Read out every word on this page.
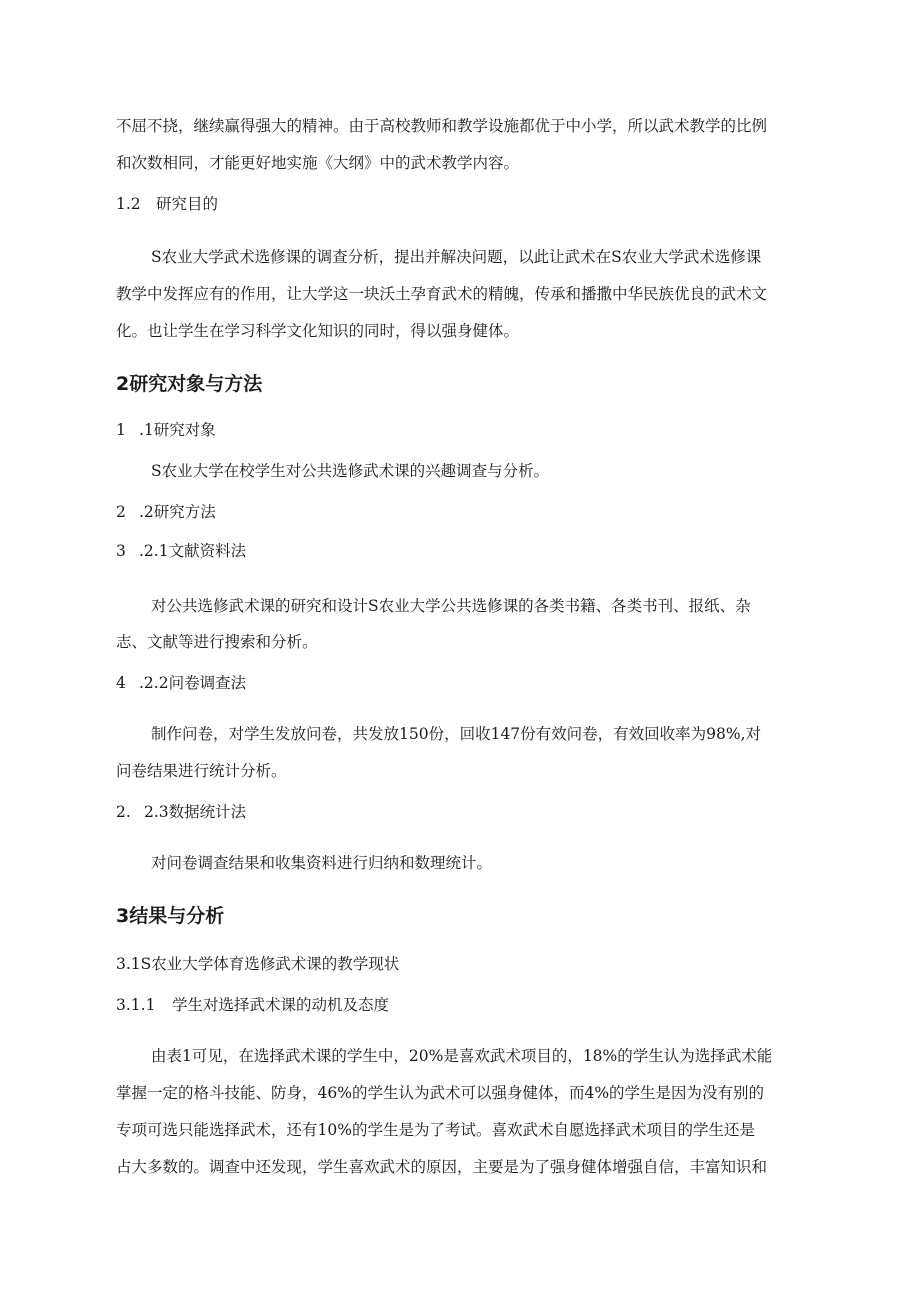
不屈不挠，继续赢得强大的精神。由于高校教师和教学设施都优于中小学，所以武术教学的比例
和次数相同，才能更好地实施《大纲》中的武术教学内容。
1.2 研究目的
S农业大学武术选修课的调查分析，提出并解决问题，以此让武术在S农业大学武术选修课
教学中发挥应有的作用，让大学这一块沃土孕育武术的精魄，传承和播撒中华民族优良的武术文
化。也让学生在学习科学文化知识的同时，得以强身健体。
2研究对象与方法
1 .1研究对象
S农业大学在校学生对公共选修武术课的兴趣调查与分析。
2 .2研究方法
3 .2.1文献资料法
对公共选修武术课的研究和设计S农业大学公共选修课的各类书籍、各类书刊、报纸、杂
志、文献等进行搜索和分析。
4 .2.2问卷调查法
制作问卷，对学生发放问卷，共发放150份，回收147份有效问卷，有效回收率为98%,对
问卷结果进行统计分析。
2. 2.3数据统计法
对问卷调查结果和收集资料进行归纳和数理统计。
3结果与分析
3.1S农业大学体育选修武术课的教学现状
3.1.1 学生对选择武术课的动机及态度
由表1可见，在选择武术课的学生中，20%是喜欢武术项目的，18%的学生认为选择武术能
掌握一定的格斗技能、防身，46%的学生认为武术可以强身健体，而4%的学生是因为没有别的
专项可选只能选择武术，还有10%的学生是为了考试。喜欢武术自愿选择武术项目的学生还是
占大多数的。调查中还发现，学生喜欢武术的原因，主要是为了强身健体增强自信，丰富知识和
